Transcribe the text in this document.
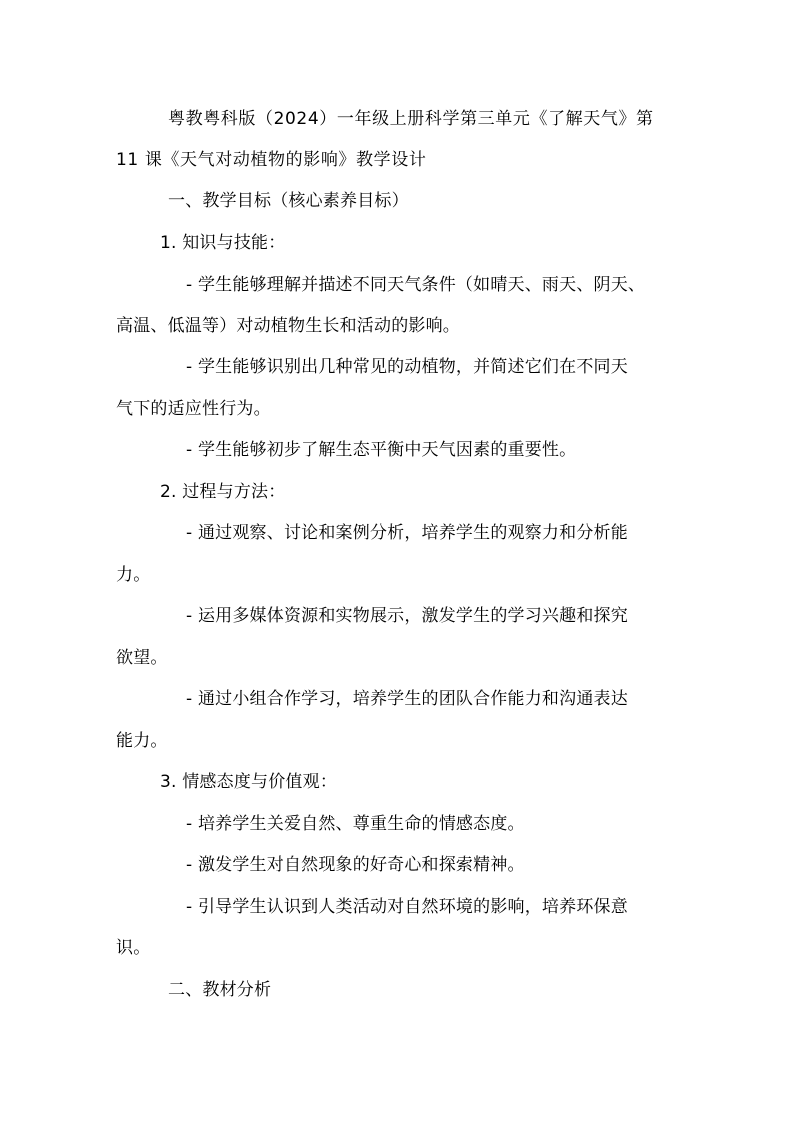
粤教粤科版（2024）一年级上册科学第三单元《了解天气》第
11 课《天气对动植物的影响》教学设计
一、教学目标（核心素养目标）
1. 知识与技能：
- 学生能够理解并描述不同天气条件（如晴天、雨天、阴天、
高温、低温等）对动植物生长和活动的影响。
- 学生能够识别出几种常见的动植物，并简述它们在不同天
气下的适应性行为。
- 学生能够初步了解生态平衡中天气因素的重要性。
2. 过程与方法：
- 通过观察、讨论和案例分析，培养学生的观察力和分析能
力。
- 运用多媒体资源和实物展示，激发学生的学习兴趣和探究
欲望。
- 通过小组合作学习，培养学生的团队合作能力和沟通表达
能力。
3. 情感态度与价值观：
- 培养学生关爱自然、尊重生命的情感态度。
- 激发学生对自然现象的好奇心和探索精神。
- 引导学生认识到人类活动对自然环境的影响，培养环保意
识。
二、教材分析
